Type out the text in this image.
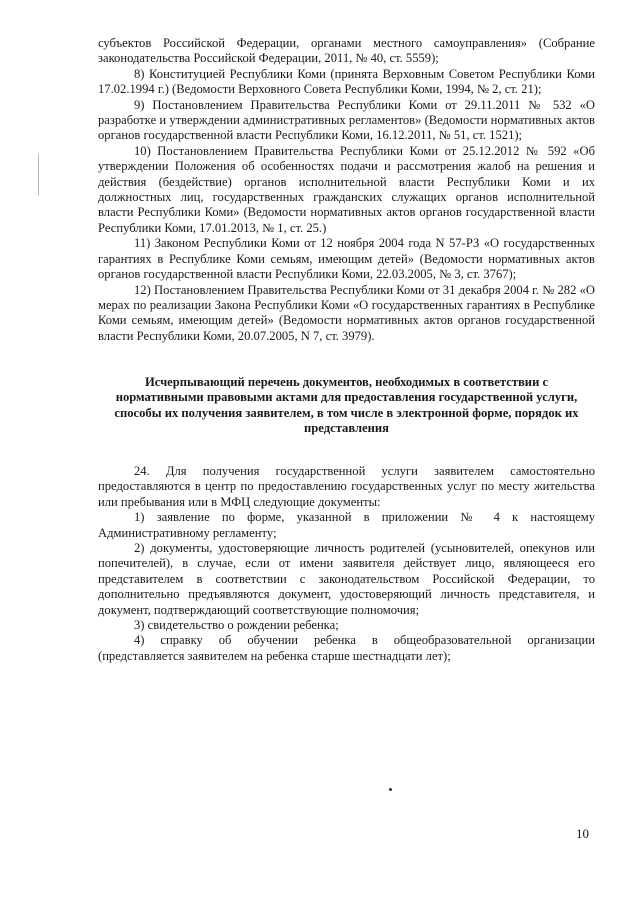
субъектов Российской Федерации, органами местного самоуправления» (Собрание законодательства Российской Федерации, 2011, № 40, ст. 5559);

8) Конституцией Республики Коми (принята Верховным Советом Республики Коми 17.02.1994 г.) (Ведомости Верховного Совета Республики Коми, 1994, № 2, ст. 21);

9) Постановлением Правительства Республики Коми от 29.11.2011 № 532 «О разработке и утверждении административных регламентов» (Ведомости нормативных актов органов государственной власти Республики Коми, 16.12.2011, № 51, ст. 1521);

10) Постановлением Правительства Республики Коми от 25.12.2012 № 592 «Об утверждении Положения об особенностях подачи и рассмотрения жалоб на решения и действия (бездействие) органов исполнительной власти Республики Коми и их должностных лиц, государственных гражданских служащих органов исполнительной власти Республики Коми» (Ведомости нормативных актов органов государственной власти Республики Коми, 17.01.2013, № 1, ст. 25.)

11) Законом Республики Коми от 12 ноября 2004 года N 57-РЗ «О государственных гарантиях в Республике Коми семьям, имеющим детей» (Ведомости нормативных актов органов государственной власти Республики Коми, 22.03.2005, № 3, ст. 3767);

12) Постановлением Правительства Республики Коми от 31 декабря 2004 г. № 282 «О мерах по реализации Закона Республики Коми «О государственных гарантиях в Республике Коми семьям, имеющим детей» (Ведомости нормативных актов органов государственной власти Республики Коми, 20.07.2005, N 7, ст. 3979).

Исчерпывающий перечень документов, необходимых в соответствии с нормативными правовыми актами для предоставления государственной услуги, способы их получения заявителем, в том числе в электронной форме, порядок их представления

24. Для получения государственной услуги заявителем самостоятельно предоставляются в центр по предоставлению государственных услуг по месту жительства или пребывания или в МФЦ следующие документы:

1) заявление по форме, указанной в приложении № 4 к настоящему Административному регламенту;

2) документы, удостоверяющие личность родителей (усыновителей, опекунов или попечителей), в случае, если от имени заявителя действует лицо, являющееся его представителем в соответствии с законодательством Российской Федерации, то дополнительно предъявляются документ, удостоверяющий личность представителя, и документ, подтверждающий соответствующие полномочия;

3) свидетельство о рождении ребенка;

4) справку об обучении ребенка в общеобразовательной организации (представляется заявителем на ребенка старше шестнадцати лет);

10
